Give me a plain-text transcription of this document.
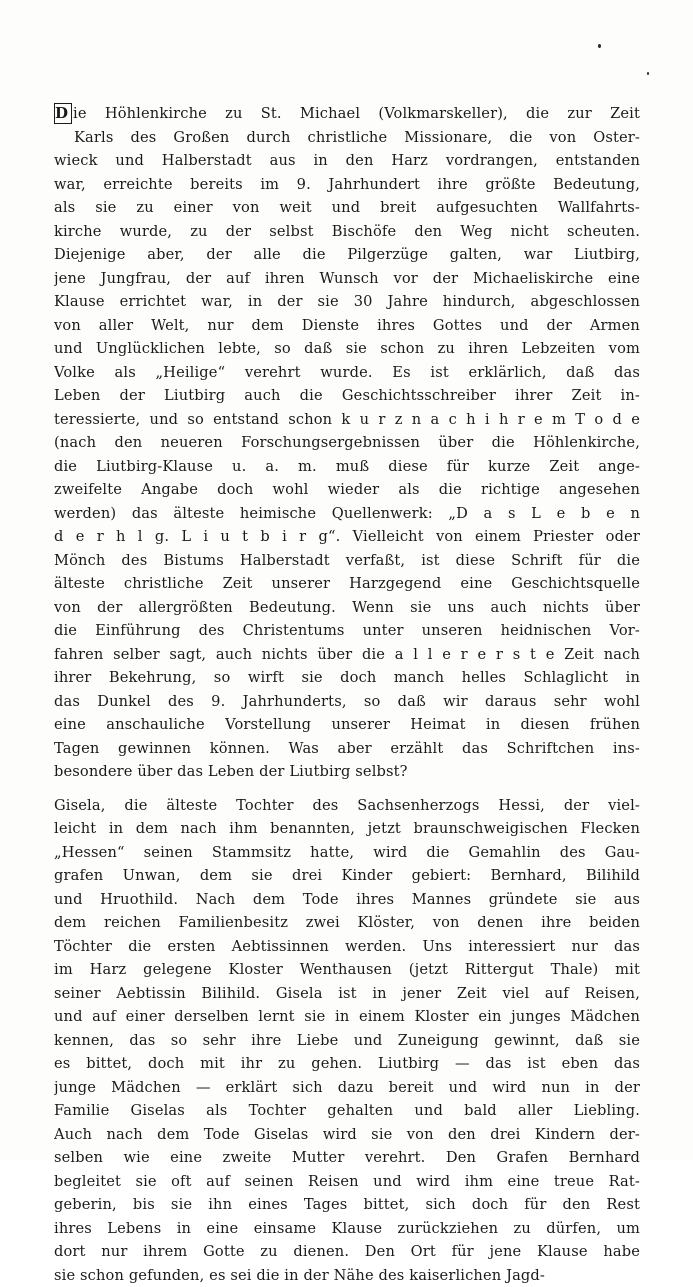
D ie Höhlenkirche zu St. Michael (Volkmarskeller), die zur Zeit
Karls des Großen durch christliche Missionare, die von Oster-
wieck und Halberstadt aus in den Harz vordrangen, entstanden
war, erreichte bereits im 9. Jahrhundert ihre größte Bedeutung,
als sie zu einer von weit und breit aufgesuchten Wallfahrts-
kirche wurde, zu der selbst Bischöfe den Weg nicht scheuten.
Diejenige aber, der alle die Pilgerzüge galten, war Liutbirg,
jene Jungfrau, der auf ihren Wunsch vor der Michaeliskirche eine
Klause errichtet war, in der sie 30 Jahre hindurch, abgeschlossen
von aller Welt, nur dem Dienste ihres Gottes und der Armen
und Unglücklichen lebte, so daß sie schon zu ihren Lebzeiten vom
Volke als „Heilige“ verehrt wurde. Es ist erklärlich, daß das
Leben der Liutbirg auch die Geschichtsschreiber ihrer Zeit in-
teressierte, und so entstand schon k u r z n a c h i h r e m T o d e
(nach den neueren Forschungsergebnissen über die Höhlenkirche,
die Liutbirg-Klause u. a. m. muß diese für kurze Zeit ange-
zweifelte Angabe doch wohl wieder als die richtige angesehen
werden) das älteste heimische Quellenwerk: „D a s L e b e n
d e r h l g. L i u t b i r g“. Vielleicht von einem Priester oder
Mönch des Bistums Halberstadt verfaßt, ist diese Schrift für die
älteste christliche Zeit unserer Harzgegend eine Geschichtsquelle
von der allergrößten Bedeutung. Wenn sie uns auch nichts über
die Einführung des Christentums unter unseren heidnischen Vor-
fahren selber sagt, auch nichts über die a l l e r e r s t e Zeit nach
ihrer Bekehrung, so wirft sie doch manch helles Schlaglicht in
das Dunkel des 9. Jahrhunderts, so daß wir daraus sehr wohl
eine anschauliche Vorstellung unserer Heimat in diesen frühen
Tagen gewinnen können. Was aber erzählt das Schriftchen ins-
besondere über das Leben der Liutbirg selbst?
Gisela, die älteste Tochter des Sachsenherzogs Hessi, der viel-
leicht in dem nach ihm benannten, jetzt braunschweigischen Flecken
„Hessen“ seinen Stammsitz hatte, wird die Gemahlin des Gau-
grafen Unwan, dem sie drei Kinder gebiert: Bernhard, Bilihild
und Hruothild. Nach dem Tode ihres Mannes gründete sie aus
dem reichen Familienbesitz zwei Klöster, von denen ihre beiden
Töchter die ersten Aebtissinnen werden. Uns interessiert nur das
im Harz gelegene Kloster Wenthausen (jetzt Rittergut Thale) mit
seiner Aebtissin Bilihild. Gisela ist in jener Zeit viel auf Reisen,
und auf einer derselben lernt sie in einem Kloster ein junges Mädchen
kennen, das so sehr ihre Liebe und Zuneigung gewinnt, daß sie
es bittet, doch mit ihr zu gehen. Liutbirg — das ist eben das
junge Mädchen — erklärt sich dazu bereit und wird nun in der
Familie Giselas als Tochter gehalten und bald aller Liebling.
Auch nach dem Tode Giselas wird sie von den drei Kindern der-
selben wie eine zweite Mutter verehrt. Den Grafen Bernhard
begleitet sie oft auf seinen Reisen und wird ihm eine treue Rat-
geberin, bis sie ihn eines Tages bittet, sich doch für den Rest
ihres Lebens in eine einsame Klause zurückziehen zu dürfen, um
dort nur ihrem Gotte zu dienen. Den Ort für jene Klause habe
sie schon gefunden, es sei die in der Nähe des kaiserlichen Jagd-
